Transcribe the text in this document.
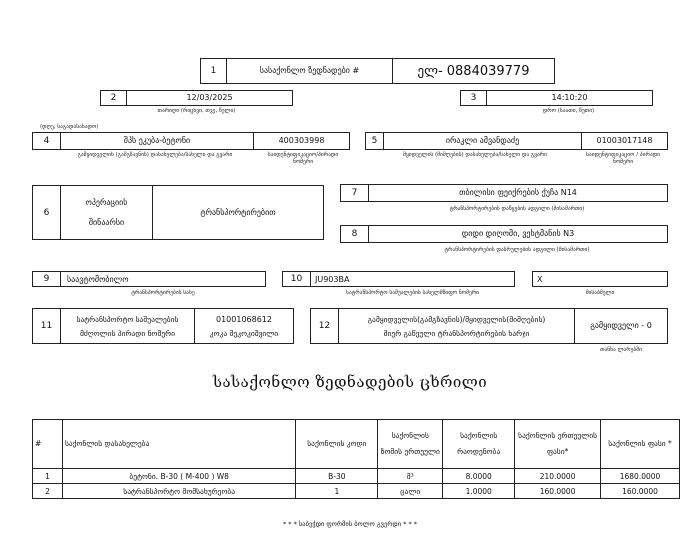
1	სასაქონლო ზედნადები #	ელ- 0884039779
2	12/03/2025
თარიღი (რიცხვი, თვე, წელი)
(დღე, საგადასახადო)
3	14:10:20
დრო (საათი, წუთი)
4	შპს ეკუბა-ბეტონი	400303998
გამყიდველის (გამგზავნის) დასახელება/სახელი და გვარი	საიდენტიფიკაციო/პირადი ნომერი
5	ირაკლი ამვანდაძე	01003017148
მყიდველის (მიმღების) დასახელება/სახელი და გვარი	საიდენტიფიკაციო / პირადი ნომერი
6
ოპერაციის
შინაარსი
ტრანსპორტირებით
7	თბილისი ფეიქრების ქუჩა N14
ტრანსპორტირების დაწყების ადგილი (მისამართი)
8	დიდი დიღომი, ვეხტმანის N3
ტრანსპორტირების დასრულების ადგილი (მისამართი)
9	საავტომობილო
ტრანსპორტირების სახე
10	JU903BA
სატრანსპორტო საშუალების სახელმწიფო ნომერი
X
მისაბმელი
11
სატრანსპორტო საშუალების
მძღოლის პირადი ნომერი
01001068612
კოკა მეკოკიშვილი
12
გამყიდველის(გამგზავნის)/მყიდველის(მიმღების)
მიერ გაწეული ტრანსპორტირების ხარჯი
გამყიდველი - 0
თანხა ლარებში
სასაქონლო ზედნადების ცხრილი
#	საქონლის დასახელება	საქონლის კოდი	საქონლის ზომის ერთეული	საქონლის რაოდენობა	საქონლის ერთეულის ფასი*	საქონლის ფასი *
1	ბეტონი. B-30 ( M-400 ) W8	B-30	მ³	8.0000	210.0000	1680.0000
2	სატრანსპორტო მომსახურეობა	1	ცალი	1.0000	160.0000	160.0000
* * * საბეჭდი ფორმის ბოლო გვერდი * * *
